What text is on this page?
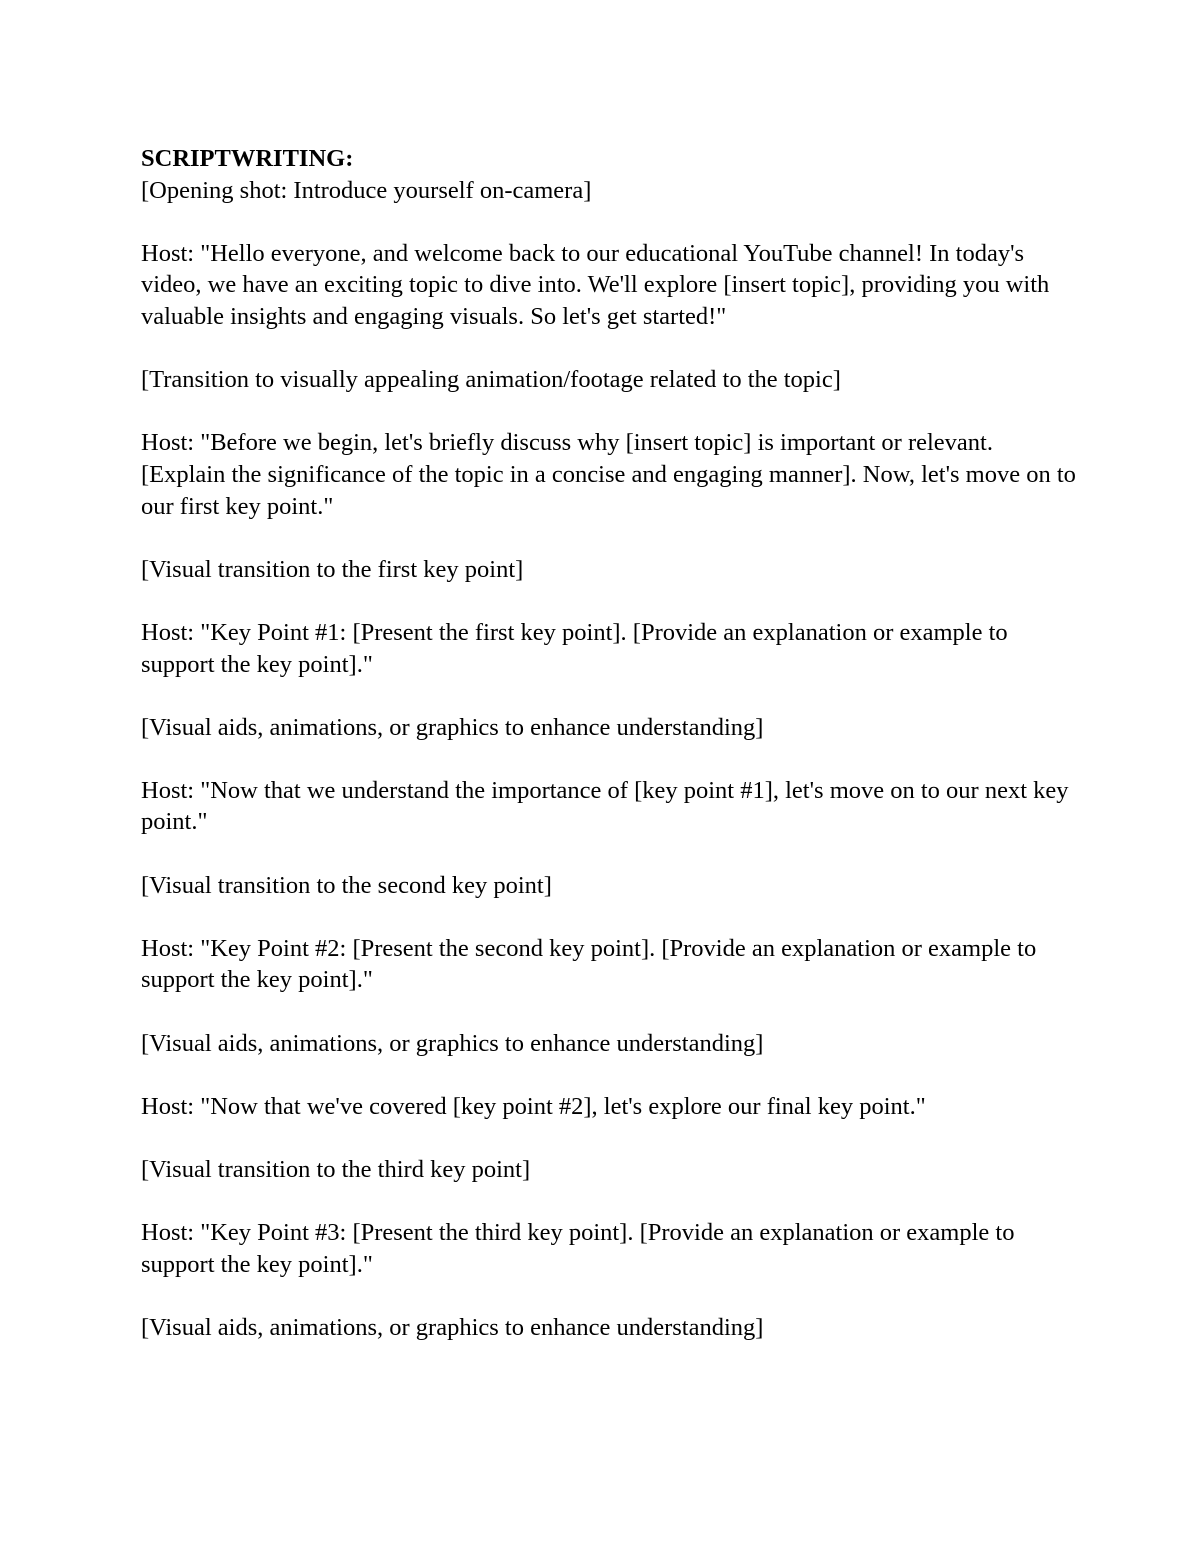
SCRIPTWRITING:

[Opening shot: Introduce yourself on-camera]

Host: "Hello everyone, and welcome back to our educational YouTube channel! In today's video, we have an exciting topic to dive into. We'll explore [insert topic], providing you with valuable insights and engaging visuals. So let's get started!"

[Transition to visually appealing animation/footage related to the topic]

Host: "Before we begin, let's briefly discuss why [insert topic] is important or relevant. [Explain the significance of the topic in a concise and engaging manner]. Now, let's move on to our first key point."

[Visual transition to the first key point]

Host: "Key Point #1: [Present the first key point]. [Provide an explanation or example to support the key point]."

[Visual aids, animations, or graphics to enhance understanding]

Host: "Now that we understand the importance of [key point #1], let's move on to our next key point."

[Visual transition to the second key point]

Host: "Key Point #2: [Present the second key point]. [Provide an explanation or example to support the key point]."

[Visual aids, animations, or graphics to enhance understanding]

Host: "Now that we've covered [key point #2], let's explore our final key point."

[Visual transition to the third key point]

Host: "Key Point #3: [Present the third key point]. [Provide an explanation or example to support the key point]."

[Visual aids, animations, or graphics to enhance understanding]
